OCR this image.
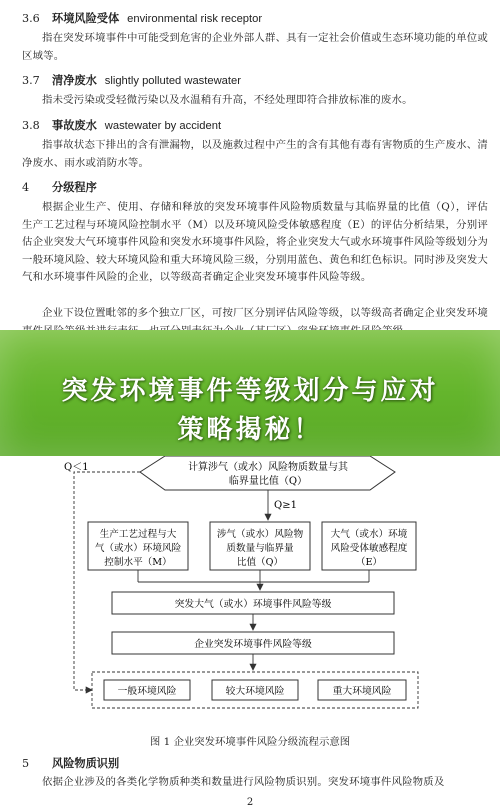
3.6 环境风险受体 environmental risk receptor
指在突发环境事件中可能受到危害的企业外部人群、具有一定社会价值或生态环境功能的单位或区域等。
3.7 清净废水 slightly polluted wastewater
指未受污染或受轻微污染以及水温稍有升高，不经处理即符合排放标准的废水。
3.8 事故废水 wastewater by accident
指事故状态下排出的含有泄漏物，以及施救过程中产生的含有其他有毒有害物质的生产废水、清净废水、雨水或消防水等。
4 分级程序
根据企业生产、使用、存储和释放的突发环境事件风险物质数量与其临界量的比值（Q），评估生产工艺过程与环境风险控制水平（M）以及环境风险受体敏感程度（E）的评估分析结果，分别评估企业突发大气环境事件风险和突发水环境事件风险，将企业突发大气或水环境事件风险等级划分为一般环境风险、较大环境风险和重大环境风险三级，分别用蓝色、黄色和红色标识。同时涉及突发大气和水环境事件风险的企业，以等级高者确定企业突发环境事件风险等级。
企业下设位置毗邻的多个独立厂区，可按厂区分别评估风险等级，以等级高者确定企业突发环境
突发环境事件等级划分与应对
策略揭秘！
Q＜1	计算涉气（或水）风险物质数量与其
临界量比值（Q）
Q≥1
生产工艺过程与大
气（或水）环境风险
控制水平（M）
涉气（或水）风险物
质数量与临界量
比值（Q）
大气（或水）环境
风险受体敏感程度
（E）
突发大气（或水）环境事件风险等级
企业突发环境事件风险等级
一般环境风险	较大环境风险	重大环境风险
图 1 企业突发环境事件风险分级流程示意图
5 风险物质识别
依据企业涉及的各类化学物质种类和数量进行风险物质识别。突发环境事件风险物质及
2
